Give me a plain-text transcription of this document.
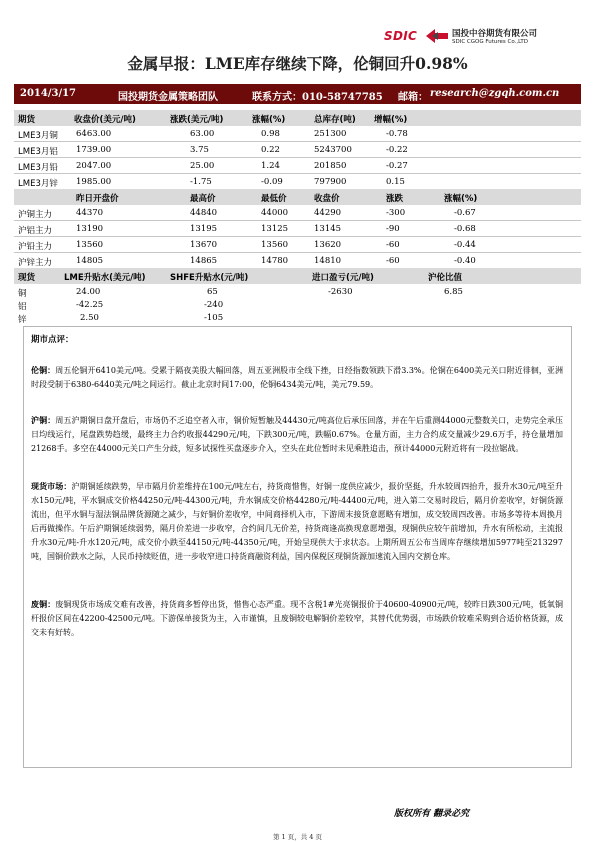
SDIC	国投中谷期货有限公司
SDIC CGOG Futures Co.,LTD
金属早报：LME库存继续下降，伦铜回升0.98%
2014/3/17	国投期货金属策略团队	联系方式：010-58747785 邮箱： research@zgqh.com.cn
期货	收盘价(美元/吨)	涨跌(美元/吨)	涨幅(%)	总库存(吨) 增幅(%)
LME3月铜 6463.00	63.00	0.98	251300	-0.78
LME3月铝 1739.00	3.75	0.22	5243700	-0.22
LME3月铅 2047.00	25.00	1.24	201850	-0.27
LME3月锌 1985.00	-1.75	-0.09	797900	0.15
昨日开盘价	最高价	最低价	收盘价	涨跌	涨幅(%)
沪铜主力	44370	44840	44000	44290	-300	-0.67
沪铝主力	13190	13195	13125	13145	-90	-0.68
沪铅主力	13560	13670	13560	13620	-60	-0.44
沪锌主力	14805	14865	14780	14810	-60	-0.40
现货	LME升贴水(美元/吨)	SHFE升贴水(元/吨)	进口盈亏(元/吨)	沪伦比值
铜	24.00	65	-2630	6.85
铝	-42.25	-240
锌	2.50	-105
期市点评：
伦铜：周五伦铜开6410美元/吨。受累于隔夜美股大幅回落，周五亚洲股市全线下挫，日经指数领跌下滑3.3%。伦铜在6400美元关口附近徘徊，亚洲时段受制于6380-6440美元/吨之间运行。截止北京时间17:00，伦铜6434美元/吨，美元79.59。
沪铜：周五沪期铜日盘开盘后，市场仍不乏追空者入市，铜价短暂触及44430元/吨高位后承压回落，并在午后重测44000元整数关口，走势完全承压日均线运行，尾盘跌势趋缓，最终主力合约收报44290元/吨，下跌300元/吨，跌幅0.67%。仓量方面，主力合约成交量减少29.6万手，持仓量增加21268手。多空在44000元关口产生分歧，短多试探性买盘逐步介入，空头在此位暂时未见乘胜追击，预计44000元附近将有一段拉锯战。
现货市场：沪期铜延续跌势，早市隔月价差维持在100元/吨左右，持货商惜售，好铜一度供应减少，报价坚挺，升水较周四抬升，报升水30元/吨至升水150元/吨，平水铜成交价格44250元/吨-44300元/吨，升水铜成交价格44280元/吨-44400元/吨，进入第二交易时段后，隔月价差收窄，好铜货源流出，但平水铜与湿法铜品牌货源随之减少，与好铜价差收窄，中间商择机入市，下游周末接货意愿略有增加，成交较周四改善。市场多等待本周换月后再做操作。午后沪期铜延续弱势，隔月价差进一步收窄，合约间几无价差，持货商逢高换现意愿增强，现铜供应较午前增加，升水有所松动，主流报升水30元/吨-升水120元/吨，成交价小跌至44150元/吨-44350元/吨，开始呈现供大于求状态。上期所周五公布当周库存继续增加5977吨至213297吨，国铜价跌水之际，人民币持续贬值，进一步收窄进口持货商融资利益，国内保税区现铜货源加速流入国内交割仓库。
废铜：废铜现货市场成交难有改善，持货商多暂停出货，惜售心态严重。现不含税1#光亮铜报价于40600-40900元/吨，较昨日跌300元/吨，低氧铜杆报价区间在42200-42500元/吨。下游保单接货为主，入市谨慎，且废铜较电解铜价差较窄，其替代优势弱，市场跌价较难采购到合适价格货源，成交未有好转。
版权所有 翻录必究
第 1 页，共 4 页
